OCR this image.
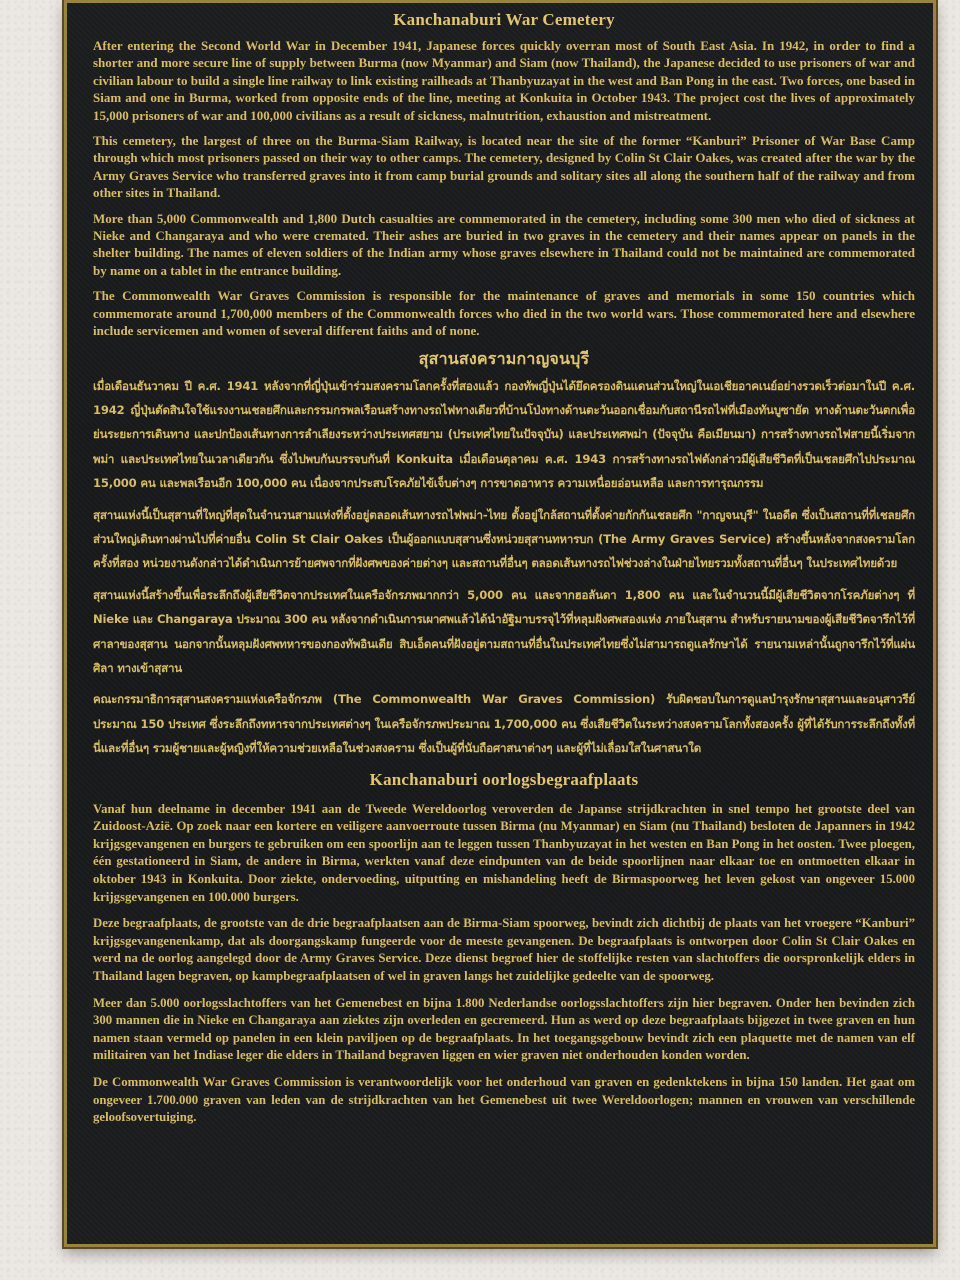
Kanchanaburi War Cemetery

After entering the Second World War in December 1941, Japanese forces quickly overran most of South East Asia. In 1942, in order to find a shorter and more secure line of supply between Burma (now Myanmar) and Siam (now Thailand), the Japanese decided to use prisoners of war and civilian labour to build a single line railway to link existing railheads at Thanbyuzayat in the west and Ban Pong in the east. Two forces, one based in Siam and one in Burma, worked from opposite ends of the line, meeting at Konkuita in October 1943. The project cost the lives of approximately 15,000 prisoners of war and 100,000 civilians as a result of sickness, malnutrition, exhaustion and mistreatment.

This cemetery, the largest of three on the Burma-Siam Railway, is located near the site of the former “Kanburi” Prisoner of War Base Camp through which most prisoners passed on their way to other camps. The cemetery, designed by Colin St Clair Oakes, was created after the war by the Army Graves Service who transferred graves into it from camp burial grounds and solitary sites all along the southern half of the railway and from other sites in Thailand.

More than 5,000 Commonwealth and 1,800 Dutch casualties are commemorated in the cemetery, including some 300 men who died of sickness at Nieke and Changaraya and who were cremated. Their ashes are buried in two graves in the cemetery and their names appear on panels in the shelter building. The names of eleven soldiers of the Indian army whose graves elsewhere in Thailand could not be maintained are commemorated by name on a tablet in the entrance building.

The Commonwealth War Graves Commission is responsible for the maintenance of graves and memorials in some 150 countries which commemorate around 1,700,000 members of the Commonwealth forces who died in the two world wars. Those commemorated here and elsewhere include servicemen and women of several different faiths and of none.

สุสานสงครามกาญจนบุรี

เมื่อเดือนธันวาคม ปี ค.ศ. 1941 หลังจากที่ญี่ปุ่นเข้าร่วมสงครามโลกครั้งที่สองแล้ว กองทัพญี่ปุ่นได้ยึดครองดินแดนส่วนใหญ่ในเอเชียอาคเนย์อย่างรวดเร็วต่อมาในปี ค.ศ. 1942 ญี่ปุ่นตัดสินใจใช้แรงงานเชลยศึกและกรรมกรพลเรือนสร้างทางรถไฟทางเดียวที่บ้านโป่งทางด้านตะวันออกเชื่อมกับสถานีรถไฟที่เมืองทันบูซายัต ทางด้านตะวันตกเพื่อย่นระยะการเดินทาง และปกป้องเส้นทางการลำเลียงระหว่างประเทศสยาม (ประเทศไทยในปัจจุบัน) และประเทศพม่า (ปัจจุบัน คือเมียนมา) การสร้างทางรถไฟสายนี้เริ่มจากพม่า และประเทศไทยในเวลาเดียวกัน ซึ่งไปพบกันบรรจบกันที่ Konkuita เมื่อเดือนตุลาคม ค.ศ. 1943 การสร้างทางรถไฟดังกล่าวมีผู้เสียชีวิตที่เป็นเชลยศึกไปประมาณ 15,000 คน และพลเรือนอีก 100,000 คน เนื่องจากประสบโรคภัยไข้เจ็บต่างๆ การขาดอาหาร ความเหนื่อยอ่อนเหลือ และการทารุณกรรม

สุสานแห่งนี้เป็นสุสานที่ใหญ่ที่สุดในจำนวนสามแห่งที่ตั้งอยู่ตลอดเส้นทางรถไฟพม่า-ไทย ตั้งอยู่ใกล้สถานที่ตั้งค่ายกักกันเชลยศึก "กาญจนบุรี" ในอดีต ซึ่งเป็นสถานที่ที่เชลยศึกส่วนใหญ่เดินทางผ่านไปที่ค่ายอื่น Colin St Clair Oakes เป็นผู้ออกแบบสุสานซึ่งหน่วยสุสานทหารบก (The Army Graves Service) สร้างขึ้นหลังจากสงครามโลกครั้งที่สอง หน่วยงานดังกล่าวได้ดำเนินการย้ายศพจากที่ฝังศพของค่ายต่างๆ และสถานที่อื่นๆ ตลอดเส้นทางรถไฟช่วงล่างในฝ่ายไทยรวมทั้งสถานที่อื่นๆ ในประเทศไทยด้วย

สุสานแห่งนี้สร้างขึ้นเพื่อระลึกถึงผู้เสียชีวิตจากประเทศในเครือจักรภพมากกว่า 5,000 คน และจากฮอลันดา 1,800 คน และในจำนวนนี้มีผู้เสียชีวิตจากโรคภัยต่างๆ ที่ Nieke และ Changaraya ประมาณ 300 คน หลังจากดำเนินการเผาศพแล้วได้นำอัฐิมาบรรจุไว้ที่หลุมฝังศพสองแห่ง ภายในสุสาน สำหรับรายนามของผู้เสียชีวิตจารึกไว้ที่ศาลาของสุสาน นอกจากนั้นหลุมฝังศพทหารของกองทัพอินเดีย สิบเอ็ดคนที่ฝังอยู่ตามสถานที่อื่นในประเทศไทยซึ่งไม่สามารถดูแลรักษาได้ รายนามเหล่านั้นถูกจารึกไว้ที่แผ่นศิลา ทางเข้าสุสาน

คณะกรรมาธิการสุสานสงครามแห่งเครือจักรภพ (The Commonwealth War Graves Commission) รับผิดชอบในการดูแลบำรุงรักษาสุสานและอนุสาวรีย์ประมาณ 150 ประเทศ ซึ่งระลึกถึงทหารจากประเทศต่างๆ ในเครือจักรภพประมาณ 1,700,000 คน ซึ่งเสียชีวิตในระหว่างสงครามโลกทั้งสองครั้ง ผู้ที่ได้รับการระลึกถึงทั้งที่นี่และที่อื่นๆ รวมผู้ชายและผู้หญิงที่ให้ความช่วยเหลือในช่วงสงคราม ซึ่งเป็นผู้ที่นับถือศาสนาต่างๆ และผู้ที่ไม่เลื่อมใสในศาสนาใด

Kanchanaburi oorlogsbegraafplaats

Vanaf hun deelname in december 1941 aan de Tweede Wereldoorlog veroverden de Japanse strijdkrachten in snel tempo het grootste deel van Zuidoost-Azië. Op zoek naar een kortere en veiligere aanvoerroute tussen Birma (nu Myanmar) en Siam (nu Thailand) besloten de Japanners in 1942 krijgsgevangenen en burgers te gebruiken om een spoorlijn aan te leggen tussen Thanbyuzayat in het westen en Ban Pong in het oosten. Twee ploegen, één gestationeerd in Siam, de andere in Birma, werkten vanaf deze eindpunten van de beide spoorlijnen naar elkaar toe en ontmoetten elkaar in oktober 1943 in Konkuita. Door ziekte, ondervoeding, uitputting en mishandeling heeft de Birmaspoorweg het leven gekost van ongeveer 15.000 krijgsgevangenen en 100.000 burgers.

Deze begraafplaats, de grootste van de drie begraafplaatsen aan de Birma-Siam spoorweg, bevindt zich dichtbij de plaats van het vroegere “Kanburi” krijgsgevangenenkamp, dat als doorgangskamp fungeerde voor de meeste gevangenen. De begraafplaats is ontworpen door Colin St Clair Oakes en werd na de oorlog aangelegd door de Army Graves Service. Deze dienst begroef hier de stoffelijke resten van slachtoffers die oorspronkelijk elders in Thailand lagen begraven, op kampbegraafplaatsen of wel in graven langs het zuidelijke gedeelte van de spoorweg.

Meer dan 5.000 oorlogsslachtoffers van het Gemenebest en bijna 1.800 Nederlandse oorlogsslachtoffers zijn hier begraven. Onder hen bevinden zich 300 mannen die in Nieke en Changaraya aan ziektes zijn overleden en gecremeerd. Hun as werd op deze begraafplaats bijgezet in twee graven en hun namen staan vermeld op panelen in een klein paviljoen op de begraafplaats. In het toegangsgebouw bevindt zich een plaquette met de namen van elf militairen van het Indiase leger die elders in Thailand begraven liggen en wier graven niet onderhouden konden worden.

De Commonwealth War Graves Commission is verantwoordelijk voor het onderhoud van graven en gedenktekens in bijna 150 landen. Het gaat om ongeveer 1.700.000 graven van leden van de strijdkrachten van het Gemenebest uit twee Wereldoorlogen; mannen en vrouwen van verschillende geloofsovertuiging.
